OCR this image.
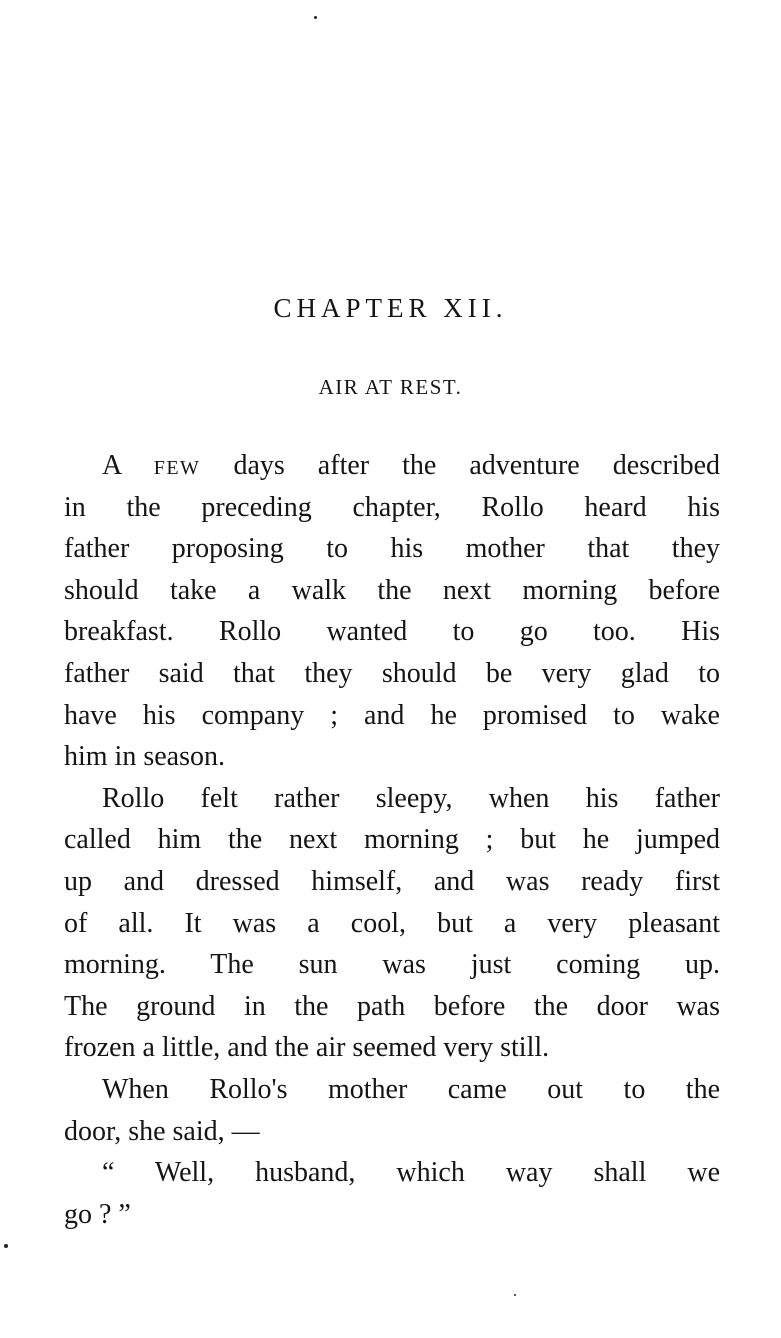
CHAPTER XII.
AIR AT REST.
A FEW days after the adventure described
in the preceding chapter, Rollo heard his
father proposing to his mother that they
should take a walk the next morning before
breakfast. Rollo wanted to go too. His
father said that they should be very glad to
have his company ; and he promised to wake
him in season.
Rollo felt rather sleepy, when his father
called him the next morning ; but he jumped
up and dressed himself, and was ready first
of all. It was a cool, but a very pleasant
morning. The sun was just coming up.
The ground in the path before the door was
frozen a little, and the air seemed very still.
When Rollo's mother came out to the
door, she said, —
“ Well, husband, which way shall we
go ? ”
